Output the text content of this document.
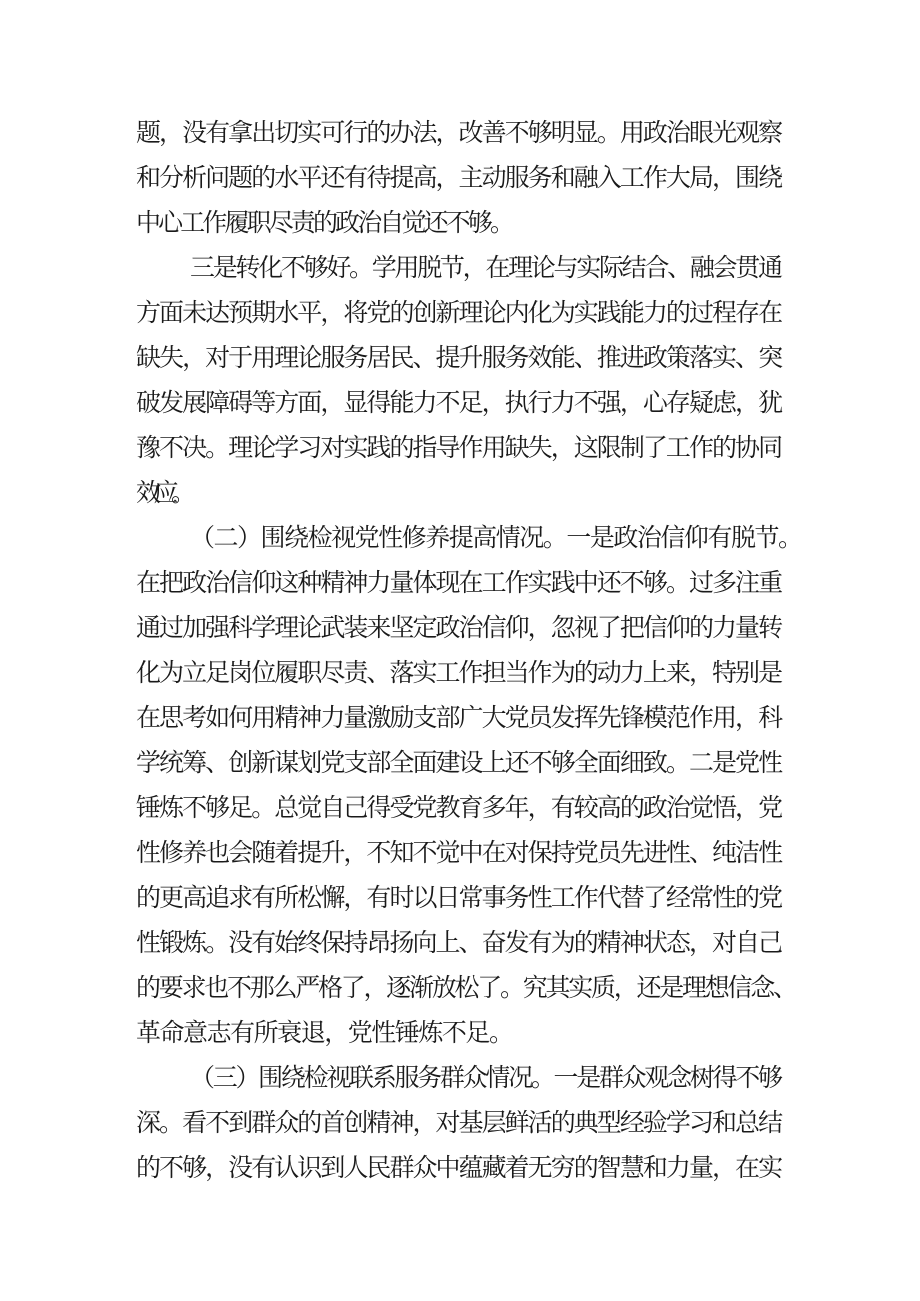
题，没有拿出切实可行的办法，改善不够明显。用政治眼光观察
和分析问题的水平还有待提高，主动服务和融入工作大局，围绕
中心工作履职尽责的政治自觉还不够。
三是转化不够好。学用脱节，在理论与实际结合、融会贯通
方面未达预期水平，将党的创新理论内化为实践能力的过程存在
缺失，对于用理论服务居民、提升服务效能、推进政策落实、突
破发展障碍等方面，显得能力不足，执行力不强，心存疑虑，犹
豫不决。理论学习对实践的指导作用缺失，这限制了工作的协同
效应。
（二）围绕检视党性修养提高情况。一是政治信仰有脱节。
在把政治信仰这种精神力量体现在工作实践中还不够。过多注重
通过加强科学理论武装来坚定政治信仰，忽视了把信仰的力量转
化为立足岗位履职尽责、落实工作担当作为的动力上来，特别是
在思考如何用精神力量激励支部广大党员发挥先锋模范作用，科
学统筹、创新谋划党支部全面建设上还不够全面细致。二是党性
锤炼不够足。总觉自己得受党教育多年，有较高的政治觉悟，党
性修养也会随着提升，不知不觉中在对保持党员先进性、纯洁性
的更高追求有所松懈，有时以日常事务性工作代替了经常性的党
性锻炼。没有始终保持昂扬向上、奋发有为的精神状态，对自己
的要求也不那么严格了，逐渐放松了。究其实质，还是理想信念、
革命意志有所衰退，党性锤炼不足。
（三）围绕检视联系服务群众情况。一是群众观念树得不够
深。看不到群众的首创精神，对基层鲜活的典型经验学习和总结
的不够，没有认识到人民群众中蕴藏着无穷的智慧和力量，在实
